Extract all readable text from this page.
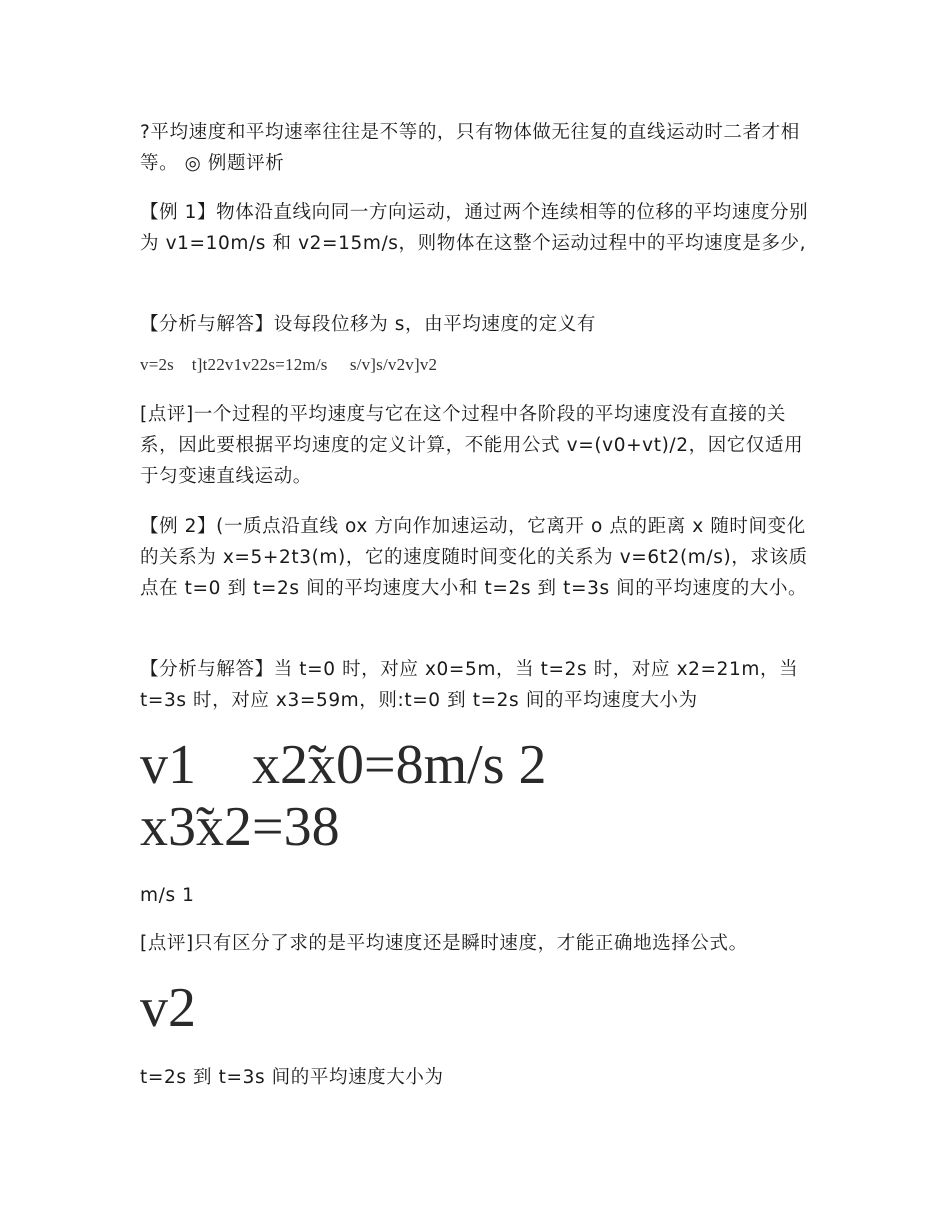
?平均速度和平均速率往往是不等的，只有物体做无往复的直线运动时二者才相等。 ◎ 例题评析

【例 1】物体沿直线向同一方向运动，通过两个连续相等的位移的平均速度分别为 v1=10m/s 和 v2=15m/s，则物体在这整个运动过程中的平均速度是多少,

【分析与解答】设每段位移为 s，由平均速度的定义有

v=2s    t]t22v1v22s=12m/s     s/v]s/v2v]v2

[点评]一个过程的平均速度与它在这个过程中各阶段的平均速度没有直接的关系，因此要根据平均速度的定义计算，不能用公式 v=(v0+vt)/2，因它仅适用于匀变速直线运动。

【例 2】(一质点沿直线 ox 方向作加速运动，它离开 o 点的距离 x 随时间变化的关系为 x=5+2t3(m)，它的速度随时间变化的关系为 v=6t2(m/s)，求该质点在 t=0 到 t=2s 间的平均速度大小和 t=2s 到 t=3s 间的平均速度的大小。

【分析与解答】当 t=0 时，对应 x0=5m，当 t=2s 时，对应 x2=21m，当 t=3s 时，对应 x3=59m，则:t=0 到 t=2s 间的平均速度大小为

v1    x2̃x0=8m/s 2
x3̃x2=38

m/s 1

[点评]只有区分了求的是平均速度还是瞬时速度，才能正确地选择公式。

v2

t=2s 到 t=3s 间的平均速度大小为
